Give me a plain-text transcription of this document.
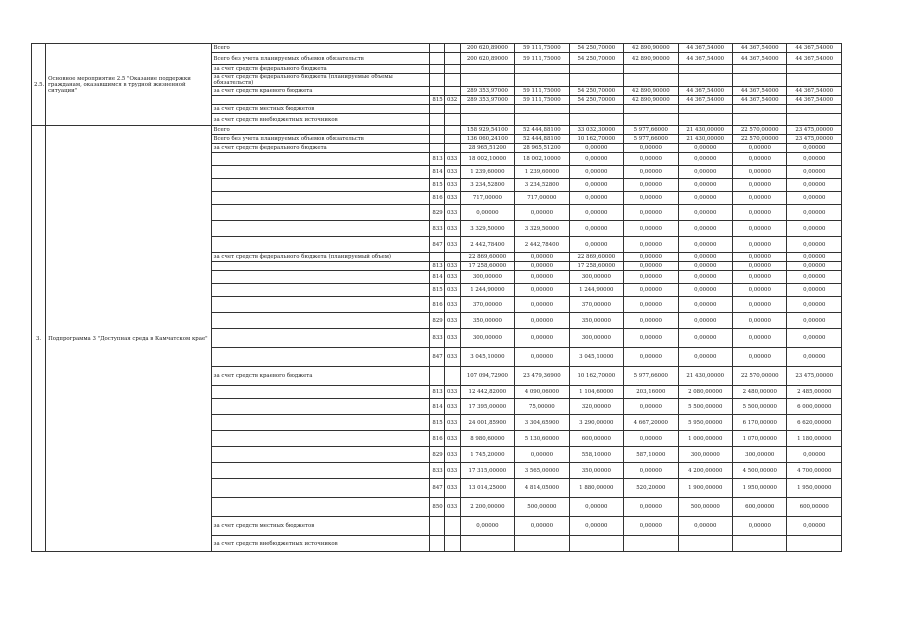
2.5.	Основное мероприятие 2.5 "Оказание поддержки гражданам, оказавшимся в трудной жизненной ситуации"	Всего			200 620,89000	59 111,75000	54 250,70000	42 890,90000	44 367,54000	44 367,54000	44 367,54000
		Всего без учета планируемых объемов обязательств			200 620,89000	59 111,75000	54 250,70000	42 890,90000	44 367,54000	44 367,54000	44 367,54000
		за счет средств федерального бюджета									
		за счет средств федерального бюджета (планируемые объемы обязательств)									
		за счет средств краевого бюджета			289 353,97000	59 111,75000	54 250,70000	42 890,90000	44 367,54000	44 367,54000	44 367,54000
			815	032	289 353,97000	59 111,75000	54 250,70000	42 890,90000	44 367,54000	44 367,54000	44 367,54000
		за счет средств местных бюджетов									
		за счет средств внебюджетных источников									
3.	Подпрограмма 3 "Доступная среда в Камчатском крае"	Всего			158 929,54100	52 444,88100	33 032,30000	5 977,66000	21 430,00000	22 570,00000	23 475,00000
		Всего без учета планируемых объемов обязательств			136 060,24100	52 444,88100	10 162,70000	5 977,66000	21 430,00000	22 570,00000	23 475,00000
		за счет средств федерального бюджета			28 965,51200	28 965,51200	0,00000	0,00000	0,00000	0,00000	0,00000
			813	033	18 002,10000	18 002,10000	0,00000	0,00000	0,00000	0,00000	0,00000
			814	033	1 239,60000	1 239,60000	0,00000	0,00000	0,00000	0,00000	0,00000
			815	033	3 234,52800	3 234,52800	0,00000	0,00000	0,00000	0,00000	0,00000
			816	033	717,00000	717,00000	0,00000	0,00000	0,00000	0,00000	0,00000
			829	033	0,00000	0,00000	0,00000	0,00000	0,00000	0,00000	0,00000
			833	033	3 329,50000	3 329,50000	0,00000	0,00000	0,00000	0,00000	0,00000
			847	033	2 442,78400	2 442,78400	0,00000	0,00000	0,00000	0,00000	0,00000
		за счет средств федерального бюджета (планируемый объем)			22 869,60000	0,00000	22 869,60000	0,00000	0,00000	0,00000	0,00000
			813	033	17 258,60000	0,00000	17 258,60000	0,00000	0,00000	0,00000	0,00000
			814	033	300,00000	0,00000	300,00000	0,00000	0,00000	0,00000	0,00000
			815	033	1 244,90000	0,00000	1 244,90000	0,00000	0,00000	0,00000	0,00000
			816	033	370,00000	0,00000	370,00000	0,00000	0,00000	0,00000	0,00000
			829	033	350,00000	0,00000	350,00000	0,00000	0,00000	0,00000	0,00000
			833	033	300,00000	0,00000	300,00000	0,00000	0,00000	0,00000	0,00000
			847	033	3 045,10000	0,00000	3 045,10000	0,00000	0,00000	0,00000	0,00000
		за счет средств краевого бюджета			107 094,72900	23 479,36900	10 162,70000	5 977,66000	21 430,00000	22 570,00000	23 475,00000
			813	033	12 442,82000	4 090,06000	1 104,60000	203,16000	2 080,00000	2 480,00000	2 485,00000
			814	033	17 395,00000	75,00000	320,00000	0,00000	5 500,00000	5 500,00000	6 000,00000
			815	033	24 001,85900	3 304,65900	3 290,00000	4 667,20000	5 950,00000	6 170,00000	6 620,00000
			816	033	8 980,60000	5 130,60000	600,00000	0,00000	1 000,00000	1 070,00000	1 180,00000
			829	033	1 745,20000	0,00000	558,10000	587,10000	300,00000	300,00000	0,00000
			833	033	17 315,00000	3 565,00000	350,00000	0,00000	4 200,00000	4 500,00000	4 700,00000
			847	033	13 014,25000	4 814,05000	1 880,00000	520,20000	1 900,00000	1 950,00000	1 950,00000
			850	033	2 200,00000	500,00000	0,00000	0,00000	500,00000	600,00000	600,00000
		за счет средств местных бюджетов			0,00000	0,00000	0,00000	0,00000	0,00000	0,00000	0,00000
		за счет средств внебюджетных источников									
